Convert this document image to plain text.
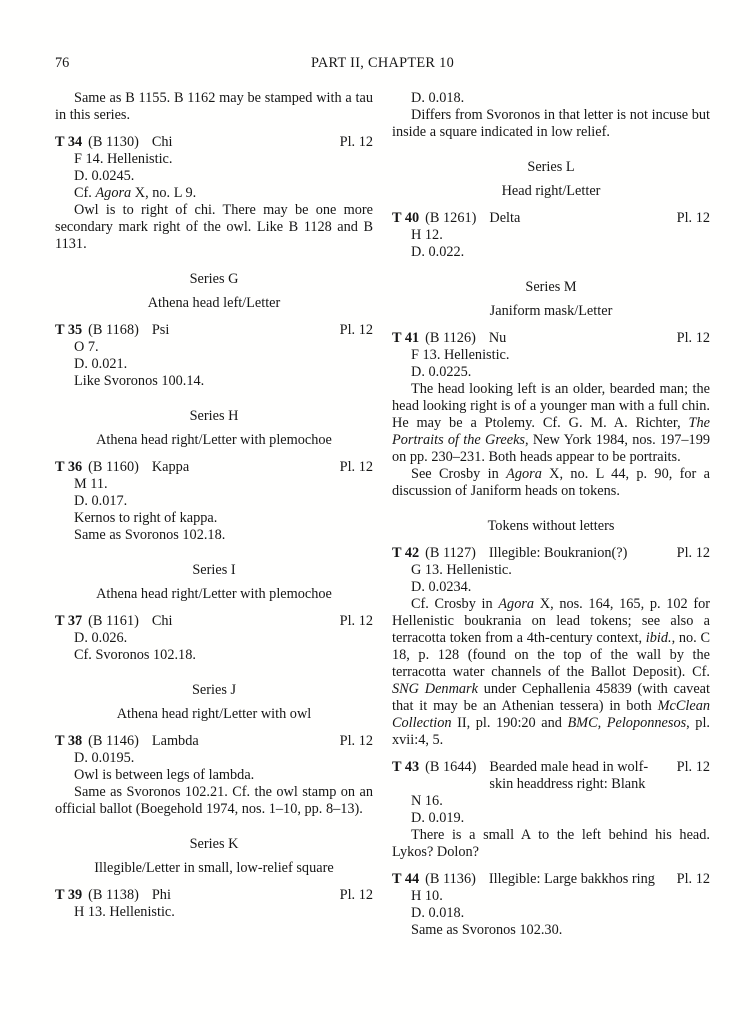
76	PART II, CHAPTER 10
Same as B 1155. B 1162 may be stamped with a tau in this series.
T 34 (B 1130) Chi	Pl. 12
F 14. Hellenistic.
D. 0.0245.
Cf. Agora X, no. L 9.
Owl is to right of chi. There may be one more secondary mark right of the owl. Like B 1128 and B 1131.
Series G
Athena head left/Letter
T 35 (B 1168) Psi	Pl. 12
O 7.
D. 0.021.
Like Svoronos 100.14.
Series H
Athena head right/Letter with plemochoe
T 36 (B 1160) Kappa	Pl. 12
M 11.
D. 0.017.
Kernos to right of kappa.
Same as Svoronos 102.18.
Series I
Athena head right/Letter with plemochoe
T 37 (B 1161) Chi	Pl. 12
D. 0.026.
Cf. Svoronos 102.18.
Series J
Athena head right/Letter with owl
T 38 (B 1146) Lambda	Pl. 12
D. 0.0195.
Owl is between legs of lambda.
Same as Svoronos 102.21. Cf. the owl stamp on an official ballot (Boegehold 1974, nos. 1–10, pp. 8–13).
Series K
Illegible/Letter in small, low-relief square
T 39 (B 1138) Phi	Pl. 12
H 13. Hellenistic.
D. 0.018.
Differs from Svoronos in that letter is not incuse but inside a square indicated in low relief.
Series L
Head right/Letter
T 40 (B 1261) Delta	Pl. 12
H 12.
D. 0.022.
Series M
Janiform mask/Letter
T 41 (B 1126) Nu	Pl. 12
F 13. Hellenistic.
D. 0.0225.
The head looking left is an older, bearded man; the head looking right is of a younger man with a full chin. He may be a Ptolemy. Cf. G. M. A. Richter, The Portraits of the Greeks, New York 1984, nos. 197–199 on pp. 230–231. Both heads appear to be portraits.
See Crosby in Agora X, no. L 44, p. 90, for a discussion of Janiform heads on tokens.
Tokens without letters
T 42 (B 1127) Illegible: Boukranion(?)	Pl. 12
G 13. Hellenistic.
D. 0.0234.
Cf. Crosby in Agora X, nos. 164, 165, p. 102 for Hellenistic boukrania on lead tokens; see also a terracotta token from a 4th-century context, ibid., no. C 18, p. 128 (found on the top of the wall by the terracotta water channels of the Ballot Deposit). Cf. SNG Denmark under Cephallenia 45839 (with caveat that it may be an Athenian tessera) in both McClean Collection II, pl. 190:20 and BMC, Peloponnesos, pl. xvii:4, 5.
T 43 (B 1644) Bearded male head in wolf-skin headdress right: Blank
Pl. 12
N 16.
D. 0.019.
There is a small A to the left behind his head. Lykos? Dolon?
T 44 (B 1136) Illegible: Large bakkhos ring	Pl. 12
H 10.
D. 0.018.
Same as Svoronos 102.30.
